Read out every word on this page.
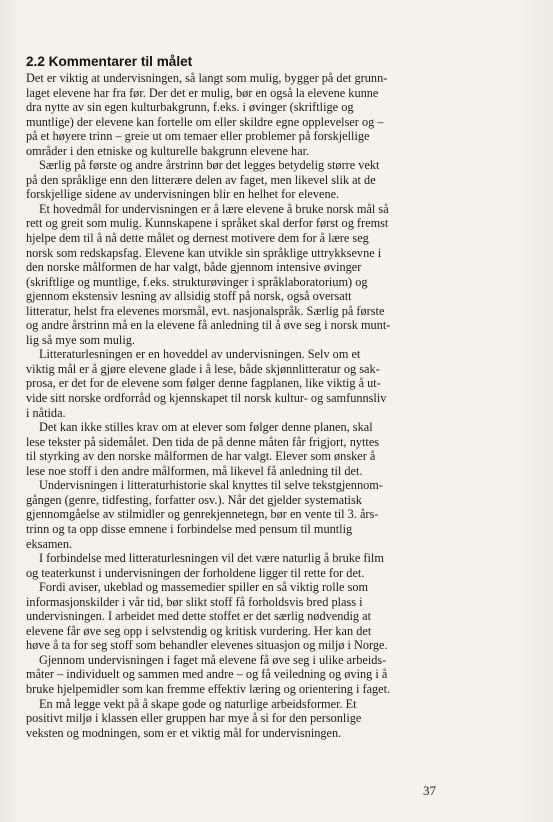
2.2 Kommentarer til målet
Det er viktig at undervisningen, så langt som mulig, bygger på det grunn-
laget elevene har fra før. Der det er mulig, bør en også la elevene kunne
dra nytte av sin egen kulturbakgrunn, f.eks. i øvinger (skriftlige og
muntlige) der elevene kan fortelle om eller skildre egne opplevelser og –
på et høyere trinn – greie ut om temaer eller problemer på forskjellige
områder i den etniske og kulturelle bakgrunn elevene har.
Særlig på første og andre årstrinn bør det legges betydelig større vekt
på den språklige enn den litterære delen av faget, men likevel slik at de
forskjellige sidene av undervisningen blir en helhet for elevene.
Et hovedmål for undervisningen er å lære elevene å bruke norsk mål så
rett og greit som mulig. Kunnskapene i språket skal derfor først og fremst
hjelpe dem til å nå dette målet og dernest motivere dem for å lære seg
norsk som redskapsfag. Elevene kan utvikle sin språklige uttrykksevne i
den norske målformen de har valgt, både gjennom intensive øvinger
(skriftlige og muntlige, f.eks. strukturøvinger i språklaboratorium) og
gjennom ekstensiv lesning av allsidig stoff på norsk, også oversatt
litteratur, helst fra elevenes morsmål, evt. nasjonalspråk. Særlig på første
og andre årstrinn må en la elevene få anledning til å øve seg i norsk munt-
lig så mye som mulig.
Litteraturlesningen er en hoveddel av undervisningen. Selv om et
viktig mål er å gjøre elevene glade i å lese, både skjønnlitteratur og sak-
prosa, er det for de elevene som følger denne fagplanen, like viktig å ut-
vide sitt norske ordforråd og kjennskapet til norsk kultur- og samfunnsliv
i nåtida.
Det kan ikke stilles krav om at elever som følger denne planen, skal
lese tekster på sidemålet. Den tida de på denne måten får frigjort, nyttes
til styrking av den norske målformen de har valgt. Elever som ønsker å
lese noe stoff i den andre målformen, må likevel få anledning til det.
Undervisningen i litteraturhistorie skal knyttes til selve tekstgjennom-
gången (genre, tidfesting, forfatter osv.). Når det gjelder systematisk
gjennomgåelse av stilmidler og genrekjennetegn, bør en vente til 3. års-
trinn og ta opp disse emnene i forbindelse med pensum til muntlig
eksamen.
I forbindelse med litteraturlesningen vil det være naturlig å bruke film
og teaterkunst i undervisningen der forholdene ligger til rette for det.
Fordi aviser, ukeblad og massemedier spiller en så viktig rolle som
informasjonskilder i vår tid, bør slikt stoff få forholdsvis bred plass i
undervisningen. I arbeidet med dette stoffet er det særlig nødvendig at
elevene får øve seg opp i selvstendig og kritisk vurdering. Her kan det
høve å ta for seg stoff som behandler elevenes situasjon og miljø i Norge.
Gjennom undervisningen i faget må elevene få øve seg i ulike arbeids-
måter – individuelt og sammen med andre – og få veiledning og øving i å
bruke hjelpemidler som kan fremme effektiv læring og orientering i faget.
En må legge vekt på å skape gode og naturlige arbeidsformer. Et
positivt miljø i klassen eller gruppen har mye å si for den personlige
veksten og modningen, som er et viktig mål for undervisningen.
37
